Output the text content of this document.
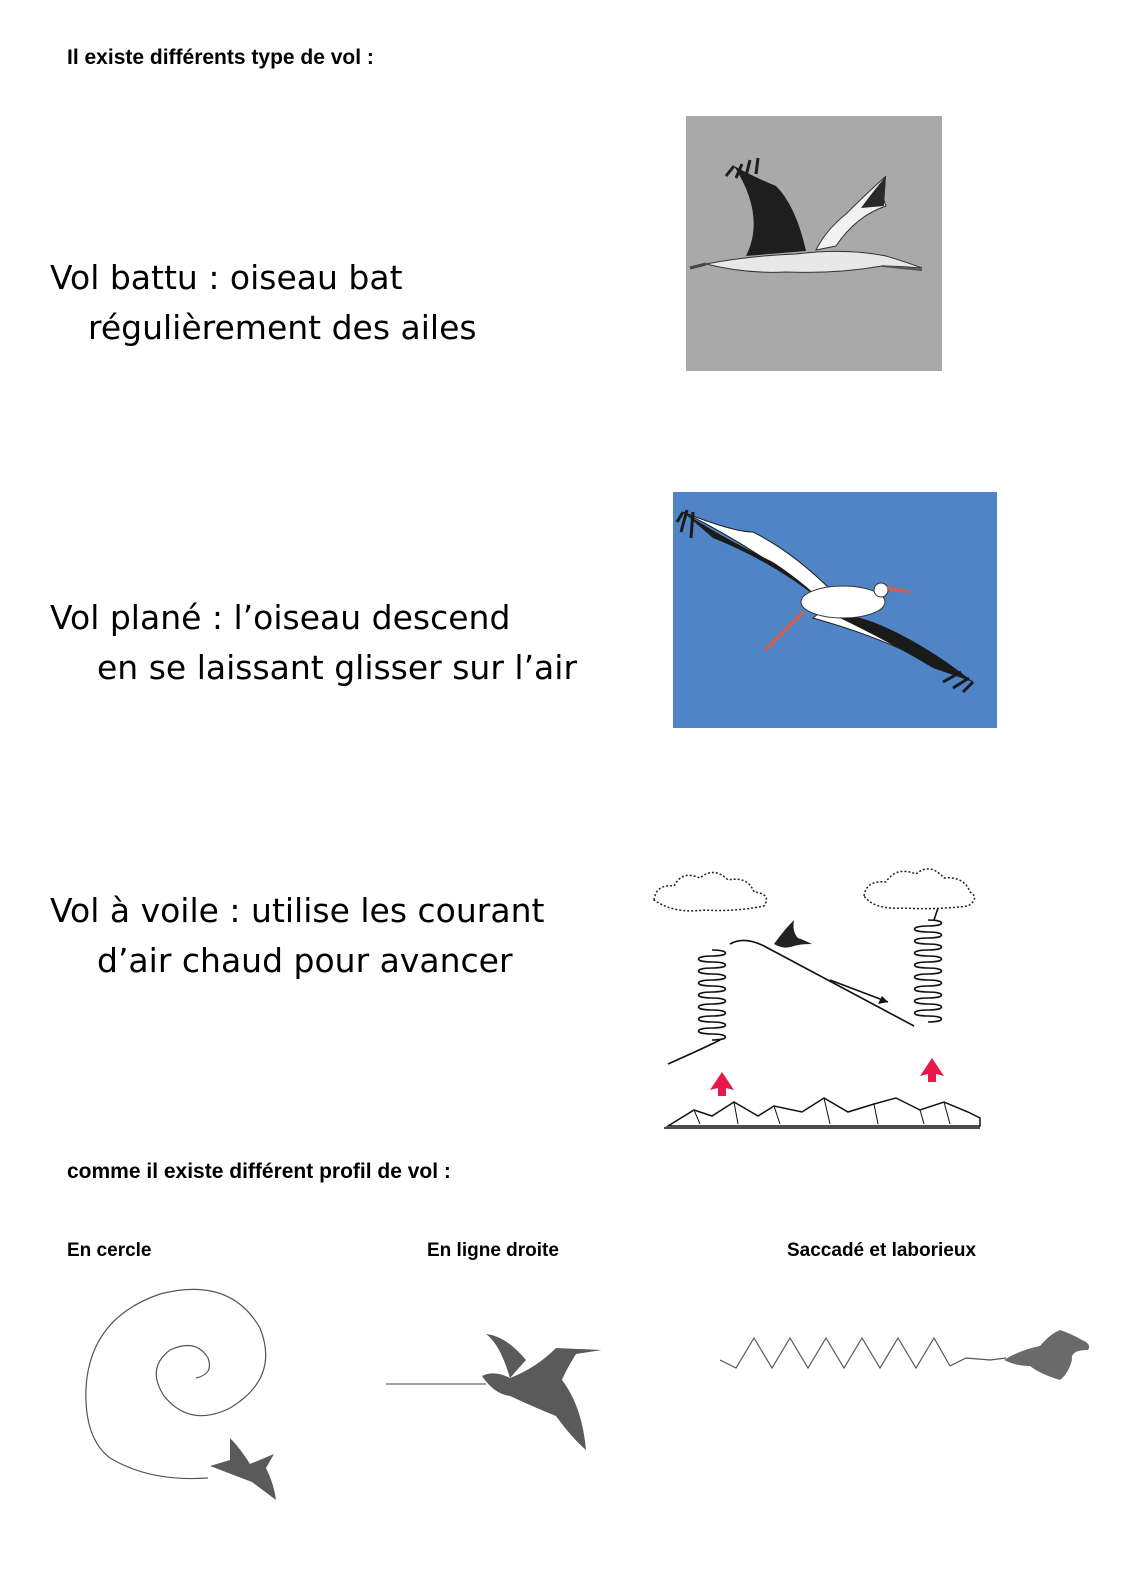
Il existe différents type de vol :
Vol battu : oiseau bat
régulièrement des ailes
Vol plané : l’oiseau descend
en se laissant glisser sur l’air
Vol à voile : utilise les courant
d’air chaud pour avancer
comme il existe différent profil de vol :
En cercle	En ligne droite	Saccadé et laborieux
